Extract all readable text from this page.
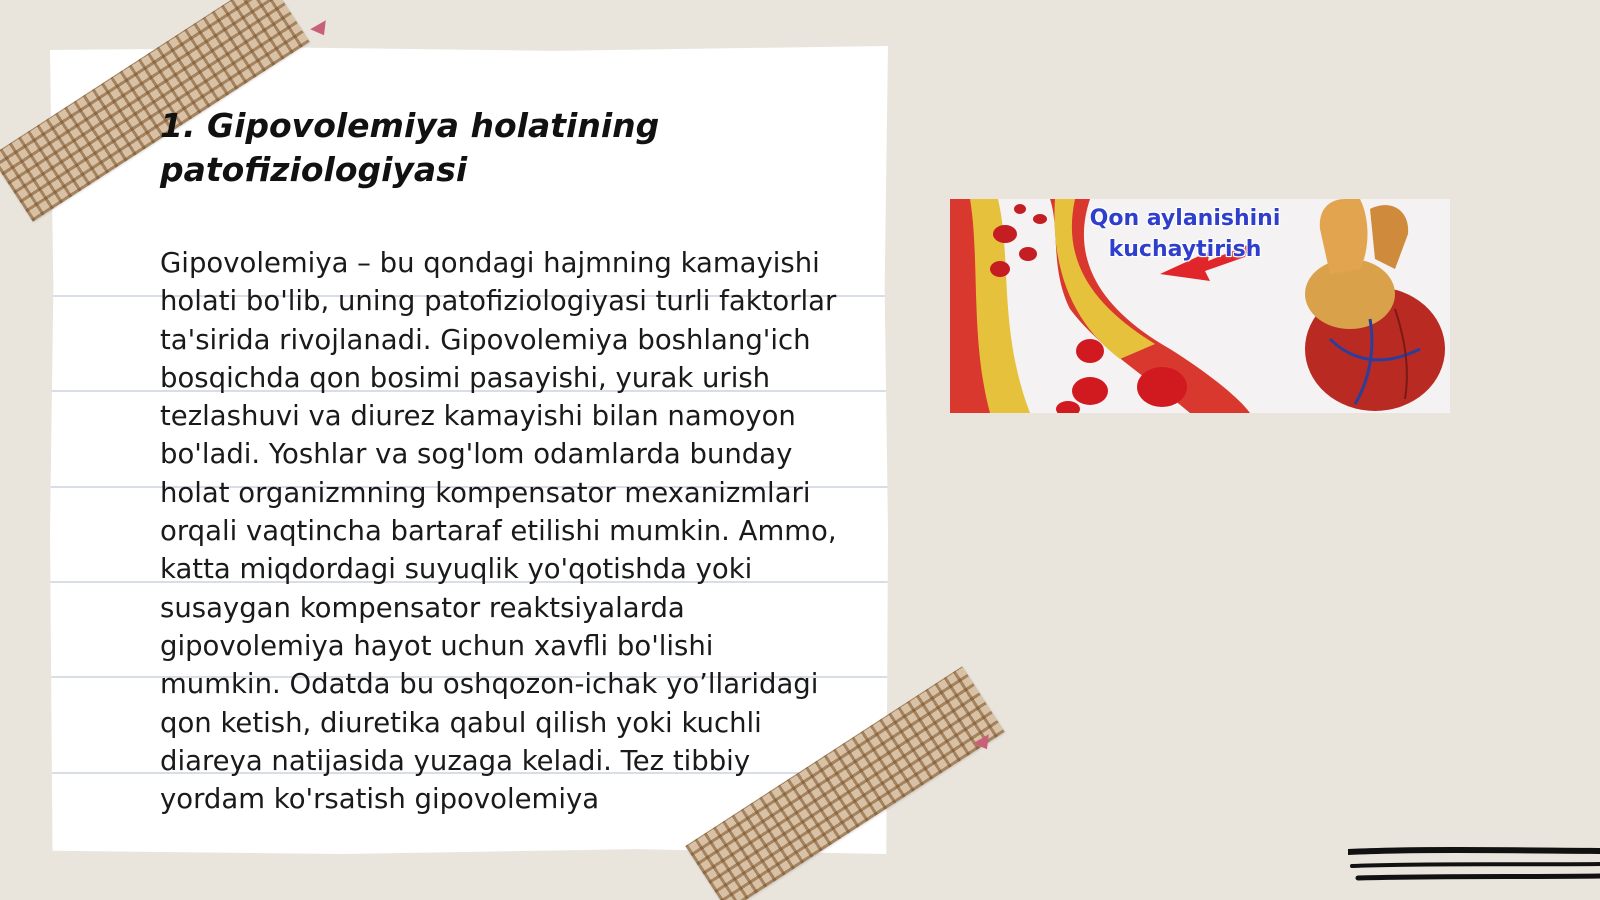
1. Gipovolemiya holatining patofiziologiyasi

Gipovolemiya – bu qondagi hajmning kamayishi holati bo'lib, uning patofiziologiyasi turli faktorlar ta'sirida rivojlanadi. Gipovolemiya boshlang'ich bosqichda qon bosimi pasayishi, yurak urish tezlashuvi va diurez kamayishi bilan namoyon bo'ladi. Yoshlar va sog'lom odamlarda bunday holat organizmning kompensator mexanizmlari orqali vaqtincha bartaraf etilishi mumkin. Ammo, katta miqdordagi suyuqlik yo'qotishda yoki susaygan kompensator reaktsiyalarda gipovolemiya hayot uchun xavfli bo'lishi mumkin. Odatda bu oshqozon-ichak yo’llaridagi qon ketish, diuretika qabul qilish yoki kuchli diareya natijasida yuzaga keladi. Tez tibbiy yordam ko'rsatish gipovolemiya

Qon aylanishini kuchaytirish
